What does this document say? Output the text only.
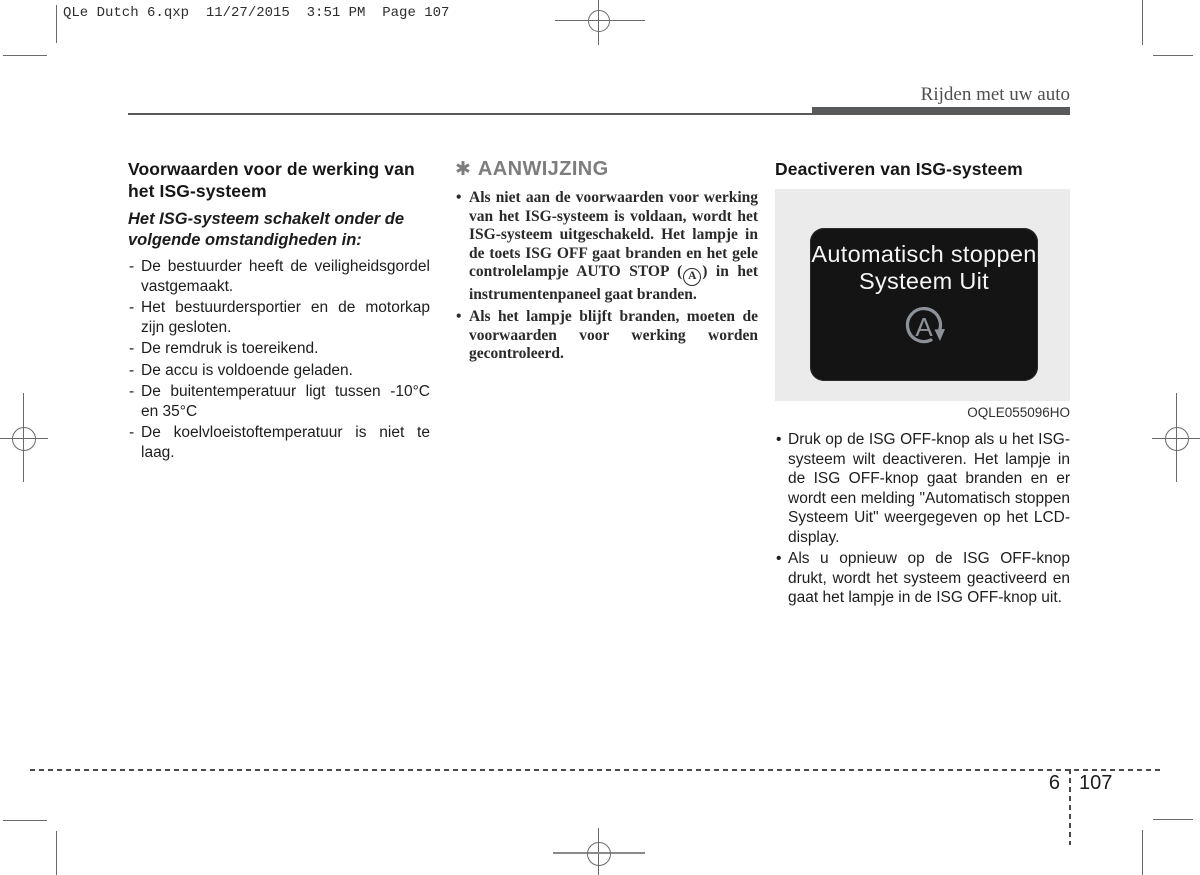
QLe Dutch 6.qxp  11/27/2015  3:51 PM  Page 107
Rijden met uw auto
Voorwaarden voor de werking van het ISG-systeem
Het ISG-systeem schakelt onder de volgende omstandigheden in:
- De bestuurder heeft de veiligheidsgordel vastgemaakt.
- Het bestuurdersportier en de motorkap zijn gesloten.
- De remdruk is toereikend.
- De accu is voldoende geladen.
- De buitentemperatuur ligt tussen -10°C en 35°C
- De koelvloeistoftemperatuur is niet te laag.
✱ AANWIJZING
• Als niet aan de voorwaarden voor werking van het ISG-systeem is voldaan, wordt het ISG-systeem uitgeschakeld. Het lampje in de toets ISG OFF gaat branden en het gele controlelampje AUTO STOP ( A ) in het instrumentenpaneel gaat branden.
• Als het lampje blijft branden, moeten de voorwaarden voor werking worden gecontroleerd.
Deactiveren van ISG-systeem
Automatisch stoppen
Systeem Uit
A
OQLE055096HO
• Druk op de ISG OFF-knop als u het ISG-systeem wilt deactiveren. Het lampje in de ISG OFF-knop gaat branden en er wordt een melding "Automatisch stoppen Systeem Uit" weergegeven op het LCD-display.
• Als u opnieuw op de ISG OFF-knop drukt, wordt het systeem geactiveerd en gaat het lampje in de ISG OFF-knop uit.
6 107
